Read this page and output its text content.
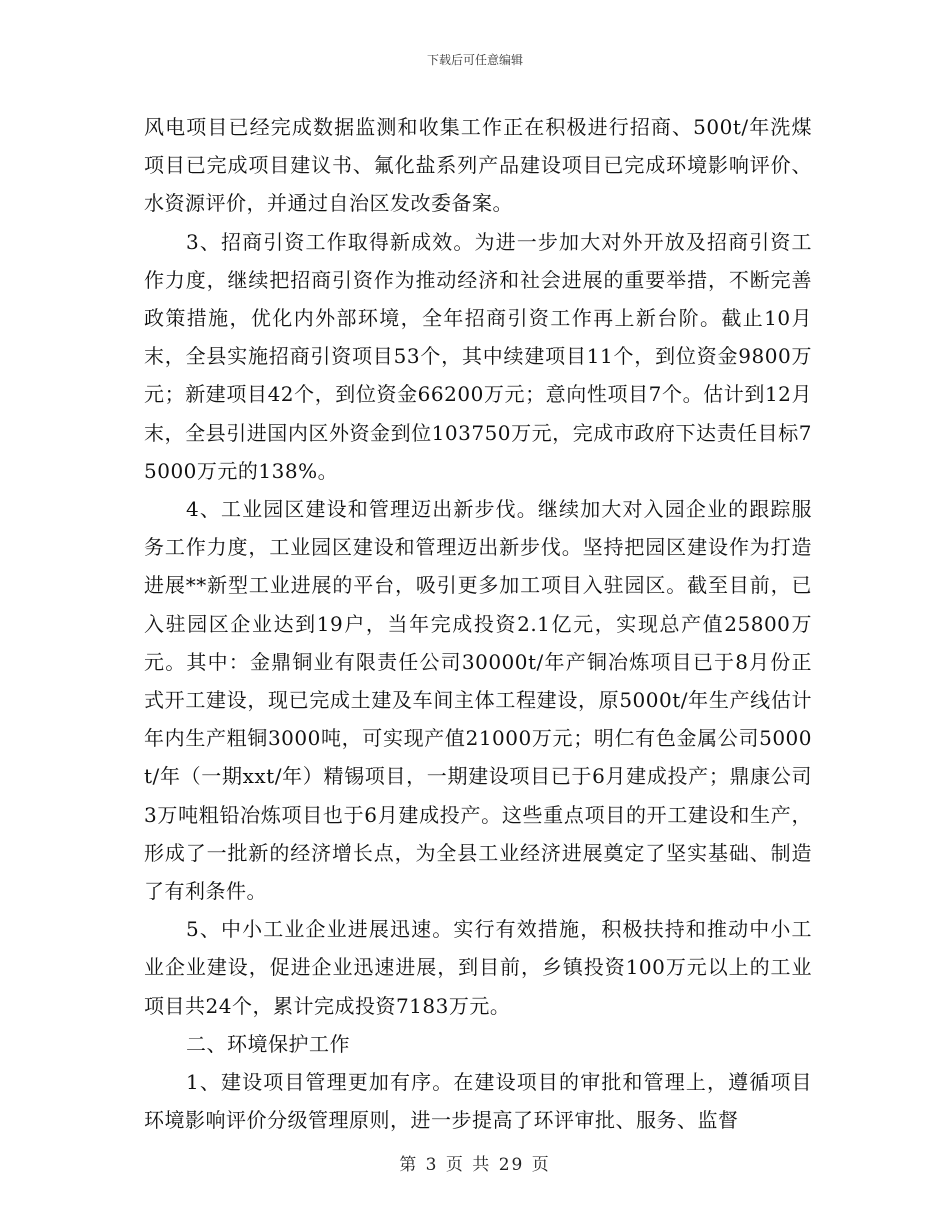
下载后可任意编辑

风电项目已经完成数据监测和收集工作正在积极进行招商、500t/年洗煤项目已完成项目建议书、氟化盐系列产品建设项目已完成环境影响评价、水资源评价，并通过自治区发改委备案。

3、招商引资工作取得新成效。为进一步加大对外开放及招商引资工作力度，继续把招商引资作为推动经济和社会进展的重要举措，不断完善政策措施，优化内外部环境，全年招商引资工作再上新台阶。截止10月末，全县实施招商引资项目53个，其中续建项目11个，到位资金9800万元；新建项目42个，到位资金66200万元；意向性项目7个。估计到12月末，全县引进国内区外资金到位103750万元，完成市政府下达责任目标75000万元的138%。

4、工业园区建设和管理迈出新步伐。继续加大对入园企业的跟踪服务工作力度，工业园区建设和管理迈出新步伐。坚持把园区建设作为打造进展**新型工业进展的平台，吸引更多加工项目入驻园区。截至目前，已入驻园区企业达到19户，当年完成投资2.1亿元，实现总产值25800万元。其中：金鼎铜业有限责任公司30000t/年产铜冶炼项目已于8月份正式开工建设，现已完成土建及车间主体工程建设，原5000t/年生产线估计年内生产粗铜3000吨，可实现产值21000万元；明仁有色金属公司5000t/年（一期xxt/年）精锡项目，一期建设项目已于6月建成投产；鼎康公司3万吨粗铅冶炼项目也于6月建成投产。这些重点项目的开工建设和生产，形成了一批新的经济增长点，为全县工业经济进展奠定了坚实基础、制造了有利条件。

5、中小工业企业进展迅速。实行有效措施，积极扶持和推动中小工业企业建设，促进企业迅速进展，到目前，乡镇投资100万元以上的工业项目共24个，累计完成投资7183万元。

二、环境保护工作

1、建设项目管理更加有序。在建设项目的审批和管理上，遵循项目环境影响评价分级管理原则，进一步提高了环评审批、服务、监督

第 3 页 共 29 页
